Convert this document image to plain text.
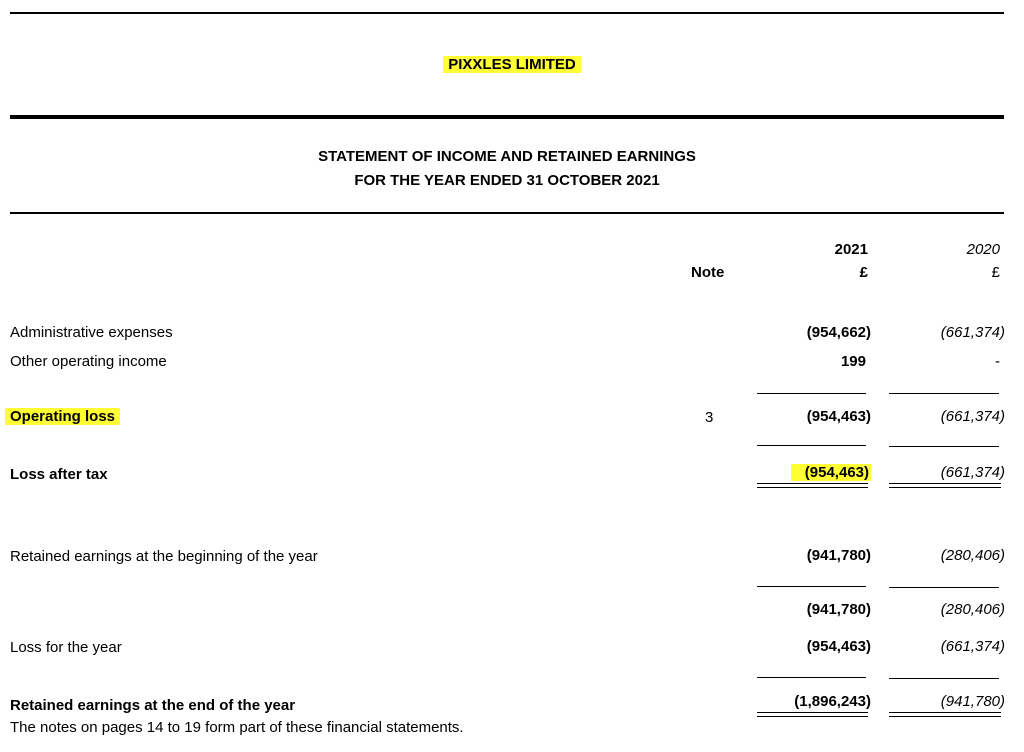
PIXXLES LIMITED
STATEMENT OF INCOME AND RETAINED EARNINGS
FOR THE YEAR ENDED 31 OCTOBER 2021
2021	2020
Note	£	£
Administrative expenses	(954,662)	(661,374)
Other operating income	199	-
Operating loss	3	(954,463)	(661,374)
Loss after tax	(954,463)	(661,374)
Retained earnings at the beginning of the year	(941,780)	(280,406)
(941,780)	(280,406)
Loss for the year	(954,463)	(661,374)
Retained earnings at the end of the year	(1,896,243)	(941,780)
The notes on pages 14 to 19 form part of these financial statements.
